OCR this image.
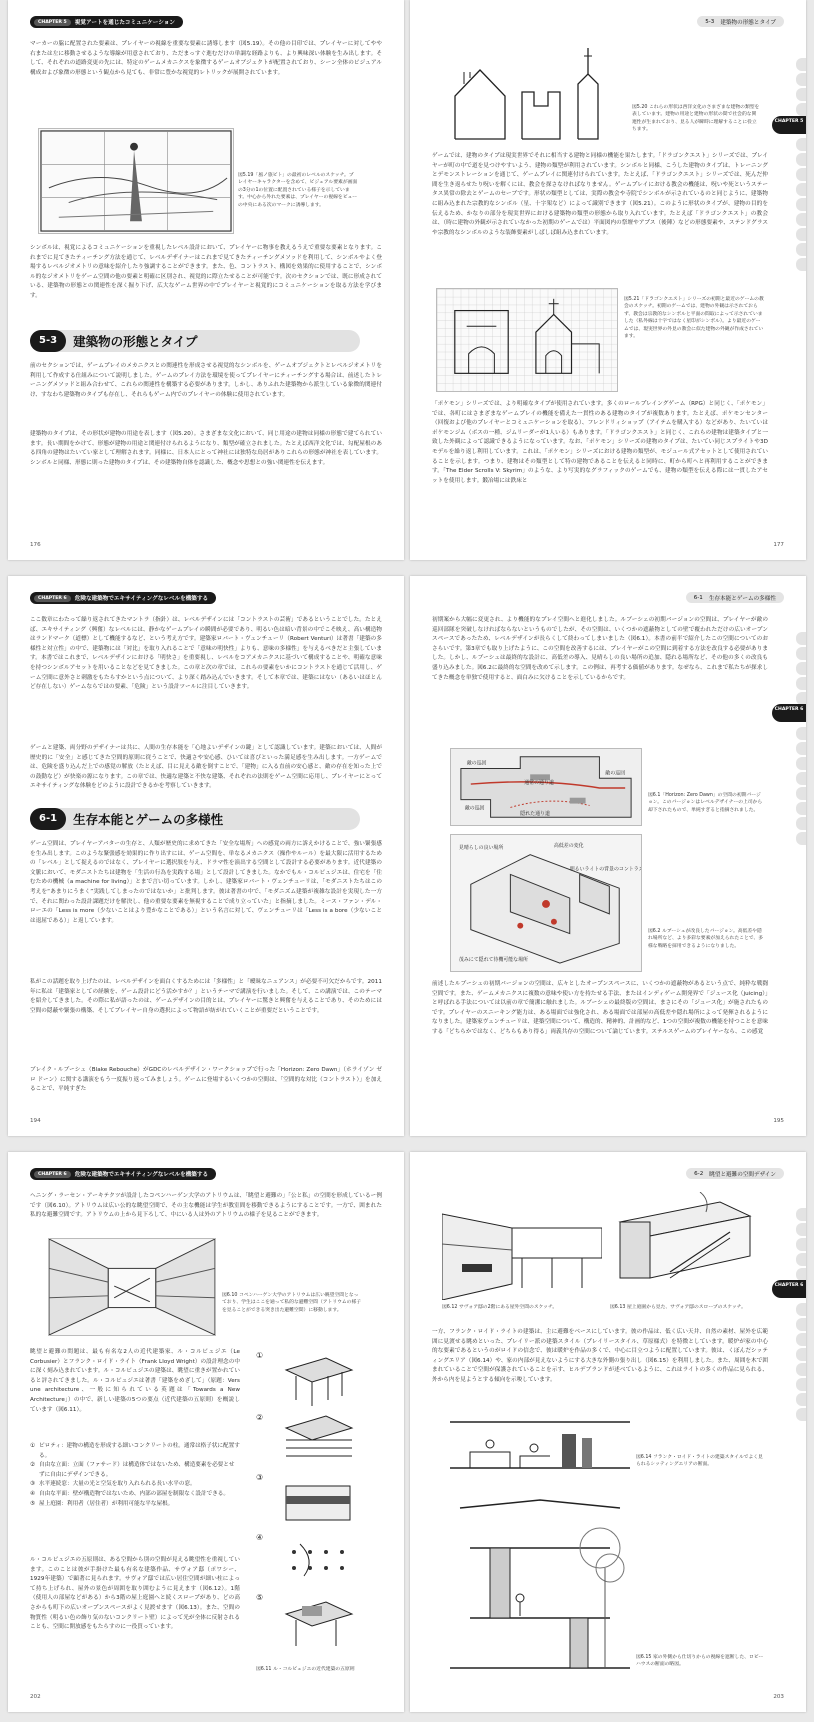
CHAPTER 5	視覚アートを通じたコミュニケーション
マーカーの脇に配置された要素は、プレイヤーの視線を重要な要素に誘導します（図5.19）。その他の目印では、プレイヤーに対してやや右または左に移動させるような導線が用意されており、ただまっすぐ進むだけの単調な経路よりも、より興味深い体験を生み出します。そして、それぞれの道路変更の先には、特定のゲームメカニクスを象徴するゲームオブジェクトが配置されており、シーン全体のビジュアル構成および象徴の形態という観点から見ても、非常に豊かな視覚的レトリックが展開されています。
図5.19「風ノ旅ビト」の最初のレベルのスケッチ。プレイヤーキャラクターを含めて、ビジュアル要素が画面の3分の1の位置に配置されている様子を示しています。中心から外れた要素は、プレイヤーの視線をビューの中央にある次のマークに誘導します。
シンボルは、視覚によるコミュニケーションを重視したレベル設計において、プレイヤーに物事を教えるうえで重要な要素となります。これまでに見てきたティーチング方法を通じて、レベルデザイナーはこれまで見てきたティーチングメソッドを利用して、シンボルやよく登場するレベルジオメトリの意味を紹介したり強調することができます。また、色、コントラスト、構図を効果的に使用することで、シンボル的なジオメトリをゲーム空間の他の要素と明確に区別され、視覚的に際立たせることが可能です。次のセクションでは、既に形成されている、建築物の形態との関連性を深く掘り下げ、広大なゲーム世界の中でプレイヤーと視覚的にコミュニケーションを取る方法を学びます。
5-3	建築物の形態とタイプ
前のセクションでは、ゲームプレイのメカニクスとの関連性を形成させる視覚的なシンボルを、ゲームオブジェクトとレベルジオメトリを利用して作成する仕組みについて説明しました。ゲームのプレイ方法を環境を使ってプレイヤーにティーチングする場合は、前述したトレーニングメソッドと組み合わせて、これらの関連性を構築する必要があります。しかし、ありふれた建築物から派生している象徴的関連付け、すなわち建築物のタイプも存在し、それらもゲーム内でのプレイヤーの体験に使用されています。
建築物のタイプは、その形状が建物の用途を表します（図5.20）。さまざまな文化において、同じ用途の建物は同様の形態で建てられています。長い期間をかけて、形態が建物の用途と関連付けられるようになり、類型が確立されました。たとえば西洋文化では、勾配屋根のある四角の建物はたいてい家として理解されます。同様に、日本人にとって神社には独特な鳥居がありこれらの形態が神社を表しています。シンボルと同様、形態に則った建物のタイプは、その建築物自体を認識した、概念や思想との強い関連性を伝えます。
176
5-3 建築物の形態とタイプ
CHAPTER 5
図5.20 これらの形状は西洋文化のさまざまな建物の類型を表しています。建物の用途と建物の形状の間で社会的な関連性が生まれており、見る人が瞬時に理解することに役立ちます。
ゲームでは、建物のタイプは現実世界でそれに相当する建物と同様の機能を果たします。「ドラゴンクエスト」シリーズでは、プレイヤーが町の中で道を見つけやすいよう、建物の類型が利用されています。シンボルと同様、こうした建物のタイプは、トレーニングとデモンストレーションを通じて、ゲームプレイに関連付けられています。たとえば、「ドラゴンクエスト」シリーズでは、死んだ仲間を生き返らせたり呪いを解くには、教会を探さなければなりません。ゲームプレイにおける教会の機能は、呪いや死というステータス異常の除去とゲームのセーブです。形状の類型としては、実際の教会や寺院でシンボルが示されているのと同じように、建築物に組み込まれた宗教的なシンボル（星、十字架など）によって識別できます（図5.21）。このように形状のタイプが、建物の目的を伝えるため、かなりの部分を現実世界における建築物の類型の形態から取り入れています。たとえば「ドラゴンクエスト」の教会は、（時に建物の外観が示されていなかった初期のゲームでは）平面図内の祭壇やアプス（後陣）などの形態要素や、ステンドグラスや宗教的なシンボルのような装飾要素がしばしば組み込まれています。
図5.21「ドラゴンクエスト」シリーズの初期と最近のゲームの教会のスケッチ。初期のゲームでは、建物の外観は示されておらず、教会は宗教的なシンボルと平面の間取によって示されていました（私外線は十字ではなく星印がシンボル）。より最近のゲームでは、現実世界の外見の教会に似た建物の外観が作成されています。
「ポケモン」シリーズでは、より明確なタイプが使用されています。多くのロールプレイングゲーム（RPG）と同じく、「ポケモン」では、各町にはさまざまなゲームプレイの機能を備えた一貫性のある建物のタイプが複数あります。たとえば、ポケモンセンター（回復および他のプレイヤーとコミュニケーションを取る）、フレンドリィショップ（アイテムを購入する）などがあり、たいていはポケモンジム（ボスの一種、ジムリーダーが1人いる）もあります。「ドラゴンクエスト」と同じく、これらの建物は建築タイプと一致した外観によって認識できるようになっています。なお、「ポケモン」シリーズの建物のタイプは、たいてい同じスプライトや3Dモデルを繰り返し利用しています。これは、「ポケモン」シリーズにおける建物の類型が、モジュール式アセットとして使用されていることを示します。つまり、建物はその類型として特の建物であることを伝えると同時に、町から町へと再利用することができます。「The Elder Scrolls V: Skyrim」のような、より写実的なグラフィックのゲームでも、建物の類型を伝える際には一貫したアセットを使用します。鍛冶場には鉄床と
177
CHAPTER 6	危険な建築物でエキサイティングなレベルを構築する
ここ数章にわたって繰り返されてきたマントラ（指針）は、レベルデザインには「コントラストの芸術」であるということでした。たとえば、エキサイティング（興奮）なレベルには、静かなゲームプレイの瞬間が必要であり、明るい色は暗い背景の中でこそ映え、高い構造物はランドマーク（道標）として機能するなど、という考え方です。建築家ロバート・ヴェンチューリ（Robert Venturi）は著書「建築の多様性と対立性」の中で、建築物には「対比」を取り入れることで「意味の明快性」よりも、意味の多様性」を与えるべきだと主張しています。本書ではこれまで、レベルデザインにおける「明快さ」を重要視し、レベルをコアメカニクスに基づいて構成することや、明確な意味を持つシンボルアセットを用いることなどを見てきました。この章と次の章では、これらの要素をいかにコントラストを通じて活用し、ゲーム空間に意外さと刺激をもたらすかという点について、より深く踏み込んでいきます。そして本章では、建築にはない（あるいはほとんど存在しない）ゲームならではの要素、「危険」という設計ツールに注目していきます。
ゲームと建築、両分野のデザイナーは共に、人間の生存本能を「心地よいデザインの鍵」として認識しています。建築においては、人間が歴史的に「安全」と感じてきた空間的原則に従うことで、快適さや安心感、ひいては喜びといった満足感を生み出します。一方ゲームでは、危険を盛り込んだ上での感覚の解放（たとえば、目に見える敵を倒すことで、「建物」に入る直前の安心感と、敵の存在を知った上での鼓動など）が快楽の源になります。この章では、快適な建築と不快な建築、それぞれの法則をゲーム空間に応用し、プレイヤーにとってエキサイティングな体験をどのように設計できるかを考察していきます。
6-1	生存本能とゲームの多様性
ゲーム空間は、プレイヤーアバターの生存と、人類が歴史的に求めてきた「安全な場所」への感覚の両方に訴えかけることで、強い緊張感を生み出します。このような緊張感を効果的に作り出すには、ゲーム空間を、単なるメカニクス（操作やルール）を最大限に活用するための「レベル」として捉えるのではなく、プレイヤーに選択肢を与え、ドラマ性を演出する空間として設計する必要があります。近代建築の文脈において、モダニストたちは建物を「生活の行為を実践する場」として設計してきました。なかでもル・コルビュジエは、住宅を「住むための機械（a machine for living）」とまで言い切っています。しかし、建築家ロバート・ヴェンチューリは、「モダニストたちはこの考えを“あまりにうまく”実践してしまったのではないか」と批判します。彼は著書の中で、「モダニズム建築が複雑な設計を実現した一方で、それに関わった設計課題だけを解決し、他の重要な要素を無視することで成り立っていた」と指摘しました。ミース・ファン・デル・ローエの「Less is more（少ないことはより豊かなことである）」という名言に対して、ヴェンチューリは「Less is a bore（少ないことは退屈である）」と返しています。
私がこの話題を取り上げたのは、レベルデザインを面白くするためには「多様性」と「曖昧なニュアンス」が必要不可欠だからです。2011年に私は「建築家としての経験を、ゲーム設計にどう活かすか？」というテーマで講演を行いました。そして、この講演では、このテーマを紹介してきました。その際に私が語ったのは、ゲームデザインの目的とは、プレイヤーに驚きと興奮を与えることであり、そのためには空間の隠蔽や緊張の構築、そしてプレイヤー自身の選択によって物語が紡がれていくことが重要だということです。
ブレイク・ルブーシェ（Blake Rebouche）がGDCのレベルデザイン・ワークショップで行った「Horizon: Zero Dawn」（ホライゾン ゼロ ドーン）に関する講演をもう一度振り返ってみましょう。ゲームに登場するいくつかの空間は、「空間的な対比（コントラスト）」を加えることで、平純すぎた
194
6-1 生存本能とゲームの多様性
CHAPTER 6
初期案から大幅に変更され、より機能的なプレイ空間へと進化しました。ルブーシェの初期バージョンの空間は、プレイヤーが敵の巡回部隊を突破しなければならないというものでしたが、その空間は、いくつかの遮蔽物としての壁で覆われただけの広いオープンスペースであったため、レベルデザインが長らくして終わってしまいました（図6.1）。本書の前半で紹介したこの空間についてのおさらいです。第3章でも取り上げたように、この空間を改善するには、プレイヤーがこの空間に到着する方法を改良する必要がありました。しかし、ルブーシェは最終的な設計に、高低差の導入、見晴らしの良い場所の追加、隠れる場所など、その他の多くの改良も盛り込みました。図6.2に最終的な空間を改めて示します。この例は、再考する価値があります。なぜなら、これまで私たちが探求してきた概念を単独で使用すると、面白みに欠けることを示しているからです。
敵の巡回
通常の通り道
敵の巡回
敵の巡回
隠れた通り道
図6.1「Horizon: Zero Dawn」の空間の初期バージョン。このバージョンはレベルデザイナーの上司から却下されたもので、単純すぎると指摘されました。
見晴らしの良い場所	高低差の変化
明るいライトの背景のコントラスト
茂みにて隠れて待機可能な場所
図6.2 ルブーシェが改良したバージョン。高低差や隠れ場所など、より多彩な要素が加えられたことで、多様な戦略を採用できるようになりました。
前述したルブーシェの初期バージョンの空間は、広々としたオープンスペースに、いくつかの遮蔽物があるという点で、純粋な戦闘空間です。また、ゲームメカニクスに複数の意味や使い方を持たせる手法、またはインディゲーム開発界で「ジュース化（juicing）」と呼ばれる手法については以前の章で簡潔に触れました。ルブーシェの最終版の空間は、まさにその「ジュース化」が施されたものです。プレイヤーのスニーキング能力は、ある場面では強化され、ある場面では部屋の高低差や隠れ場所によって発揮されるようになりました。建築家ヴェンチューリは、建築空間について、構造的、精神的、計画的など、1つの空間が複数の機能を持つことを意味する「どちらかではなく、どちらもあり得る」両義共存の空間について論じています。ステルスゲームのプレイヤーなら、この感覚
195
CHAPTER 6	危険な建築物でエキサイティングなレベルを構築する
ヘニング・ラーセン・アーキテクツが設計したコペンハーゲン大学のアトリウムは、「眺望と避難の」「公と私」の空間を形成しているー例です（図6.10）。アトリウムは広い公的な眺望空間で、その主な機能は学生が教室間を移動できるようにすることです。一方で、囲まれた私的な避難空間です。アトリウムの上から見下ろして、中にいる人は外のアトリウムの様子を見ることができます。
図6.10 コペンハーゲン大学のアトリウムは広い眺望空間となっており、学生はここを通って私的な避難空間（アトリウムの様子を見ることができる突き出た避難空間）に移動します。
眺望と避難の問題は、最も有名な2人の近代建築家、ル・コルビュジエ（Le Corbusier）とフランク・ロイド・ライト（Frank Lloyd Wright）の設計理念の中に深く刻み込まれています。ル・コルビュジエの建築は、眺望に重きが置かれていると評されてきました。ル・コルビュジエは著書「建築をめざして」（原題：Vers une architecture、一般に知られている英題は「Towards a New Architecture」）の中で、新しい建築の5つの要点（近代建築の五原則）を概説しています（図6.11）。
① ピロティ：建物の構造を形成する細いコンクリートの柱。通常は格子状に配置する。
② 自由な立面：立面（ファサード）は構造体ではないため、構造要素を必要とせずに自由にデザインできる。
③ 水平連続窓：大量の光と空気を取り入れられる長い水平の窓。
④ 自由な平面：壁が構造物ではないため、内部の部屋を制限なく設計できる。
⑤ 屋上庭園：利用者（居住者）が利用可能な平な屋根。
ル・コルビュジエの五原則は、ある空間から別の空間が見える眺望性を重視しています。このことは彼が手掛けた最も有名な建築作品、サヴォア邸（ポワシー、1929年建築）で顕著に見られます。サヴォア邸では広い居住空間が細い柱によって持ち上げられ、屋外の景色が周囲を取り囲むように見えます（図6.12）。1階（使用人の部屋などがある）から3階の屋上庭園へと続くスロープがあり、どの高さからも町下の広いオープンスペースがよく見渡せます（図6.13）。また、空間の物質性（明るい色の飾り気のないコンクリート壁）によって光が全体に反射されることも、空間に開放感をもたらすのに一役買っています。
①
②
③
④
⑤
図6.11 ル・コルビュジエの近代建築の五原則
202
6-2 眺望と避難の空間デザイン
CHAPTER 6
図6.12 サヴォア邸の2階にある屋外空間のスケッチ。	図6.13 屋上庭園から見た、サヴォア邸のスロープのスケッチ。
一方、フランク・ロイド・ライトの建築は、主に避難をベースにしています。彼の作品は、低く広い天井、自然の素材、屋外を広範囲に見渡せる眺めといった、プレイリー派の建築スタイル（プレイリースタイル、草原様式）を特徴としています。暖炉が家の中心的な要素であるというのがロイドの信念で、彼は暖炉を作品の多くで、中心に目立つように配置しています。彼は、くぼんだシッティングエリア（図6.14）や、家の内部が見えないようにする大きな外側の張り出し（図6.15）を利用しました。また、周囲を木で囲まれていることで空間が保護されていることを示す、ヒルデブランドが述べているように、これはライトの多くの作品に見られる、外から内を見ようとする傾向を示唆しています。
図6.14 フランク・ロイド・ライトの建築スタイルでよく見られるシッティングエリアの断面。
図6.15 家の外側から仕切りからの視線を遮断した、ロビーハウスの断面の略図。
203
